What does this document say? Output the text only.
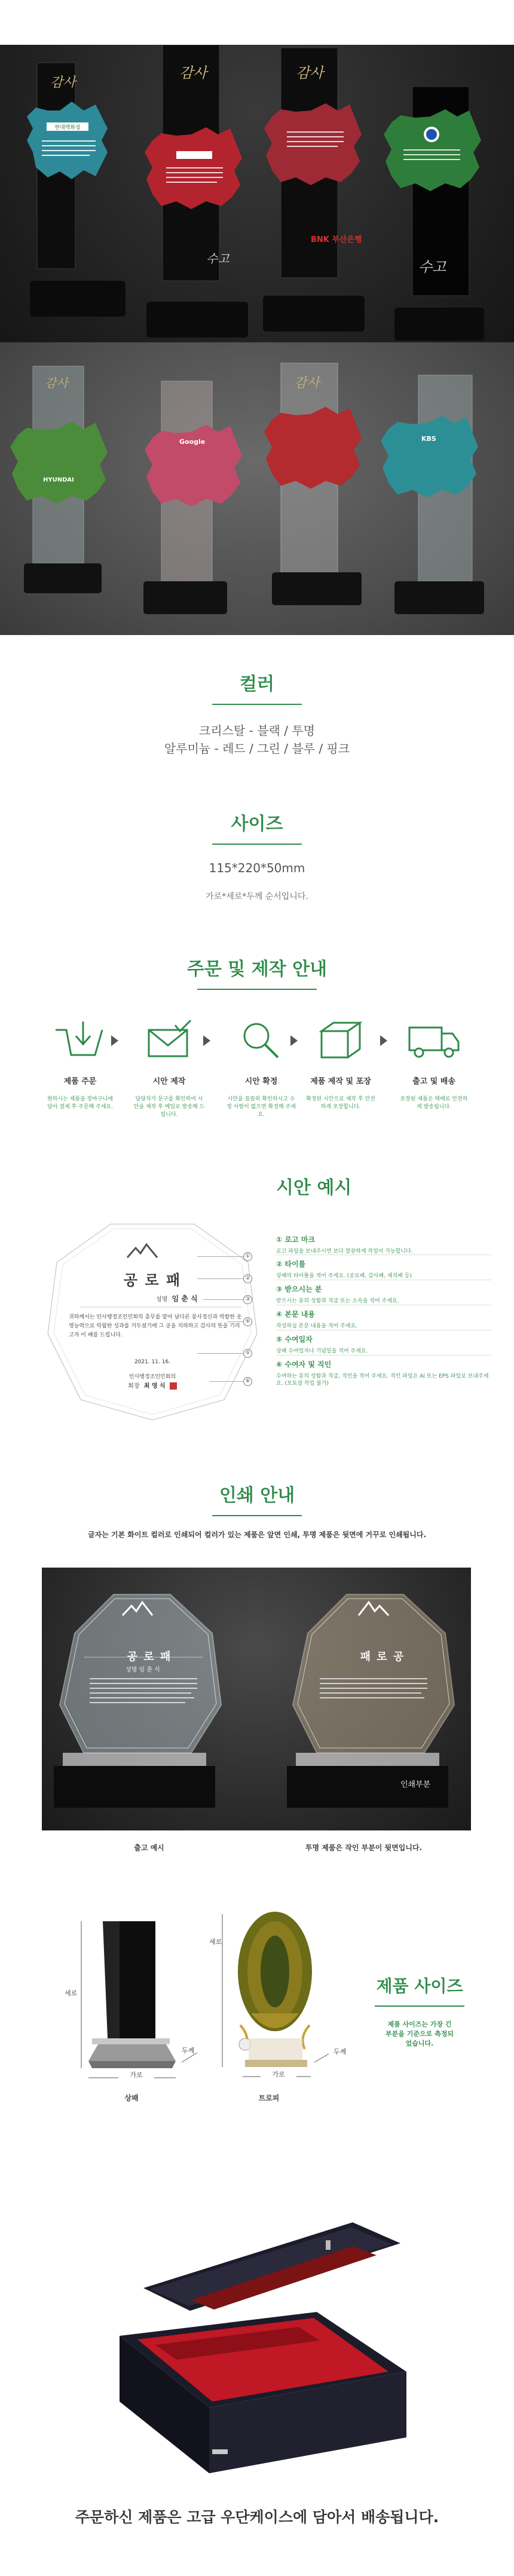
감사
현대백화점
감사
수고
감사
BNK 부산은행
수고
감사
HYUNDAI
Google
감사
KBS
컬러
크리스탈 - 블랙 / 투명
알루미늄 - 레드 / 그린 / 블루 / 핑크
사이즈
115*220*50mm
가로*세로*두께 순서입니다.
주문 및 제작 안내
제품 주문
원하시는 제품을 장바구니에 담아 결제 후 주문해 주세요.
시안 제작
담당자가 문구를 확인하여 시안을 제작 후 메일로 발송해 드립니다.
시안 확정
시안을 꼼꼼히 확인하시고 수정 사항이 없으면 확정해 주세요.
제품 제작 및 포장
확정된 시안으로 제작 후 안전하게 포장합니다.
출고 및 배송
포장된 제품은 택배로 안전하게 발송됩니다.
시안 예시
공 로 패
성명 임 춘 식
귀하께서는 인사행정조인민회의 총무를 맡아 남다른 봉사정신과 박함한 운영능력으로 탁월한 성과를 거두셨기에 그 공을 치하하고 감사의 뜻을 기리고자 이 패를 드립니다.
2021. 11. 16.
인사행정조인민회의
회장 최 영 식
①
②
③
④
⑤
⑥
① 로고 마크
로고 파일을 보내주시면 보다 깔끔하게 작업이 가능합니다.
② 타이틀
상패의 타이틀을 적어 주세요. (공로패, 감사패, 재직패 등)
③ 받으시는 분
받으시는 분의 성함과 직급 또는 소속을 적어 주세요.
④ 본문 내용
작성하실 본문 내용을 적어 주세요.
⑤ 수여일자
상패 수여일자나 기념일을 적어 주세요.
⑥ 수여자 및 직인
수여하는 분의 성함과 직급, 직인을 적어 주세요. 직인 파일은 AI 또는 EPS 파일로 보내주세요. (포토샵 작업 불가)
인쇄 안내
글자는 기본 화이트 컬러로 인쇄되어 컬러가 있는 제품은 앞면 인쇄, 투명 제품은 뒷면에 거꾸로 인쇄됩니다.
공 로 패
성명 임 춘 식
패 로 공
인쇄부분
출고 예시	투명 제품은 작인 부분이 뒷면입니다.
세로
두께
가로
세로
두께
가로
제품 사이즈
제품 사이즈는 가장 긴 부분을 기준으로 측정되었습니다.
상패	트로피
주문하신 제품은 고급 우단케이스에 담아서 배송됩니다.
